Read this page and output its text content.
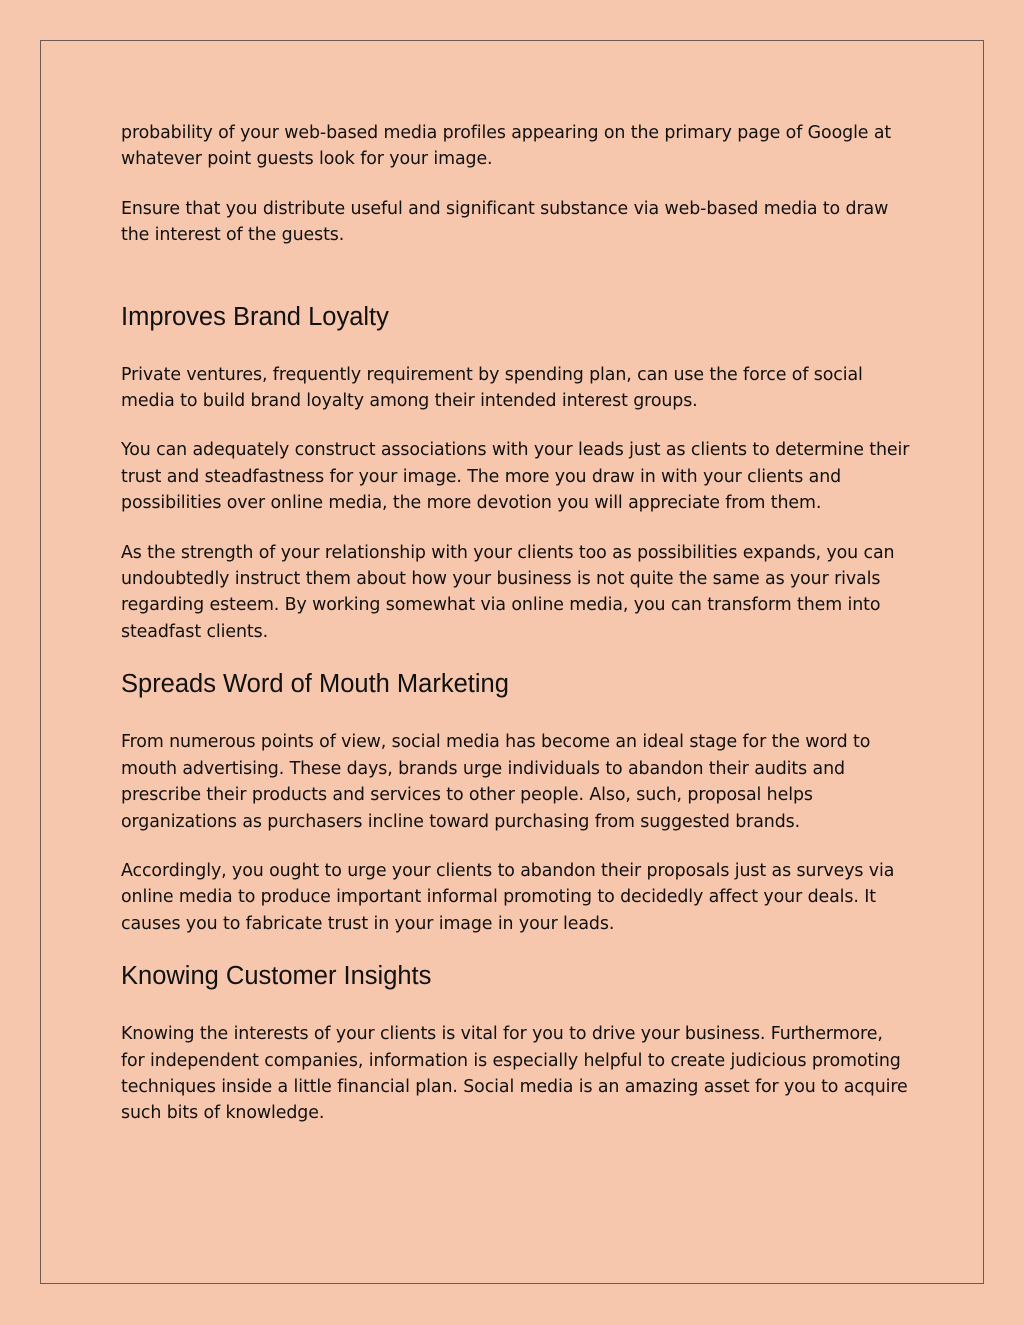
probability of your web-based media profiles appearing on the primary page of Google at whatever point guests look for your image.

Ensure that you distribute useful and significant substance via web-based media to draw the interest of the guests.

Improves Brand Loyalty

Private ventures, frequently requirement by spending plan, can use the force of social media to build brand loyalty among their intended interest groups.

You can adequately construct associations with your leads just as clients to determine their trust and steadfastness for your image. The more you draw in with your clients and possibilities over online media, the more devotion you will appreciate from them.

As the strength of your relationship with your clients too as possibilities expands, you can undoubtedly instruct them about how your business is not quite the same as your rivals regarding esteem. By working somewhat via online media, you can transform them into steadfast clients.

Spreads Word of Mouth Marketing

From numerous points of view, social media has become an ideal stage for the word to mouth advertising. These days, brands urge individuals to abandon their audits and prescribe their products and services to other people. Also, such, proposal helps organizations as purchasers incline toward purchasing from suggested brands.

Accordingly, you ought to urge your clients to abandon their proposals just as surveys via online media to produce important informal promoting to decidedly affect your deals. It causes you to fabricate trust in your image in your leads.

Knowing Customer Insights

Knowing the interests of your clients is vital for you to drive your business. Furthermore, for independent companies, information is especially helpful to create judicious promoting techniques inside a little financial plan. Social media is an amazing asset for you to acquire such bits of knowledge.
